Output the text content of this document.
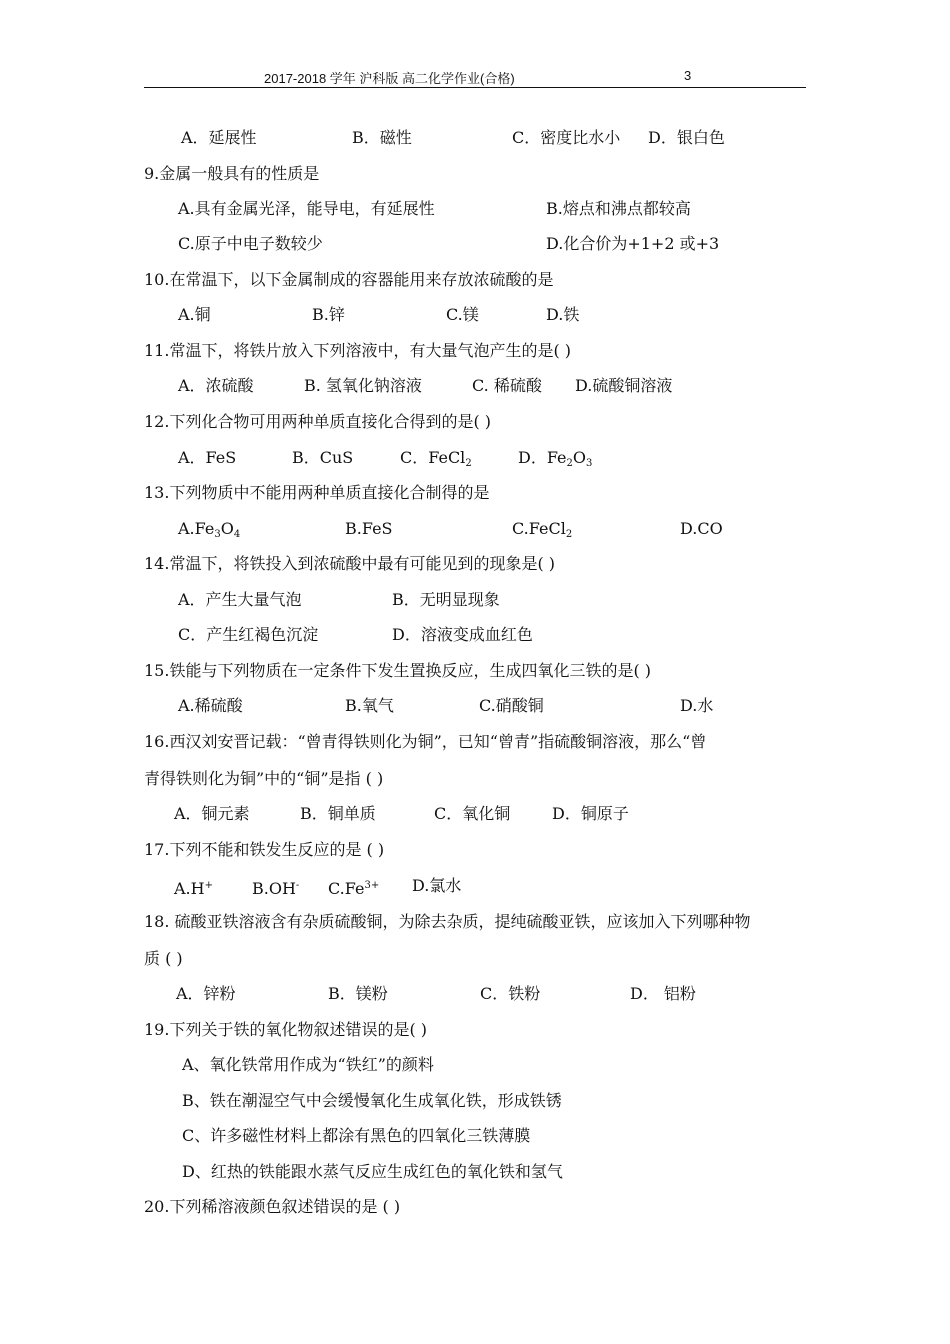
2017-2018 学年 沪科版 高二化学作业(合格)	3
A．延展性	B．磁性	C．密度比水小 D．银白色
9.金属一般具有的性质是
A.具有金属光泽，能导电，有延展性	B.熔点和沸点都较高
C.原子中电子数较少	D.化合价为+1+2 或+3
10.在常温下，以下金属制成的容器能用来存放浓硫酸的是
A.铜	B.锌	C.镁	D.铁
11.常温下，将铁片放入下列溶液中，有大量气泡产生的是( )
A．浓硫酸	B. 氢氧化钠溶液	C. 稀硫酸 D.硫酸铜溶液
12.下列化合物可用两种单质直接化合得到的是( )
A．FeS	B．CuS	C．FeCl$_2$	D．$Fe_2O_3$
13.下列物质中不能用两种单质直接化合制得的是
$A.Fe_3O_4$	B.FeS	C.FeCl$_2$	D.CO
14.常温下，将铁投入到浓硫酸中最有可能见到的现象是( )
A．产生大量气泡	B．无明显现象
C．产生红褐色沉淀	D．溶液变成血红色
15.铁能与下列物质在一定条件下发生置换反应，生成四氧化三铁的是( )
A.稀硫酸	B.氧气	C.硝酸铜	D.水
16.西汉刘安晋记载：“曾青得铁则化为铜”，已知“曾青”指硫酸铜溶液，那么“曾
青得铁则化为铜”中的“铜”是指 ( )
A．铜元素	B．铜单质	C．氧化铜	D．铜原子
17.下列不能和铁发生反应的是 ( )
A.H+ B.OH- $C.Fe^{3+}$ D.氯水
18. 硫酸亚铁溶液含有杂质硫酸铜，为除去杂质，提纯硫酸亚铁，应该加入下列哪种物
质 ( )
A．锌粉	B．镁粉	C．铁粉	D． 铝粉
19.下列关于铁的氧化物叙述错误的是( )
A、氧化铁常用作成为“铁红”的颜料
B、铁在潮湿空气中会缓慢氧化生成氧化铁，形成铁锈
C、许多磁性材料上都涂有黑色的四氧化三铁薄膜
D、红热的铁能跟水蒸气反应生成红色的氧化铁和氢气
20.下列稀溶液颜色叙述错误的是 ( )
